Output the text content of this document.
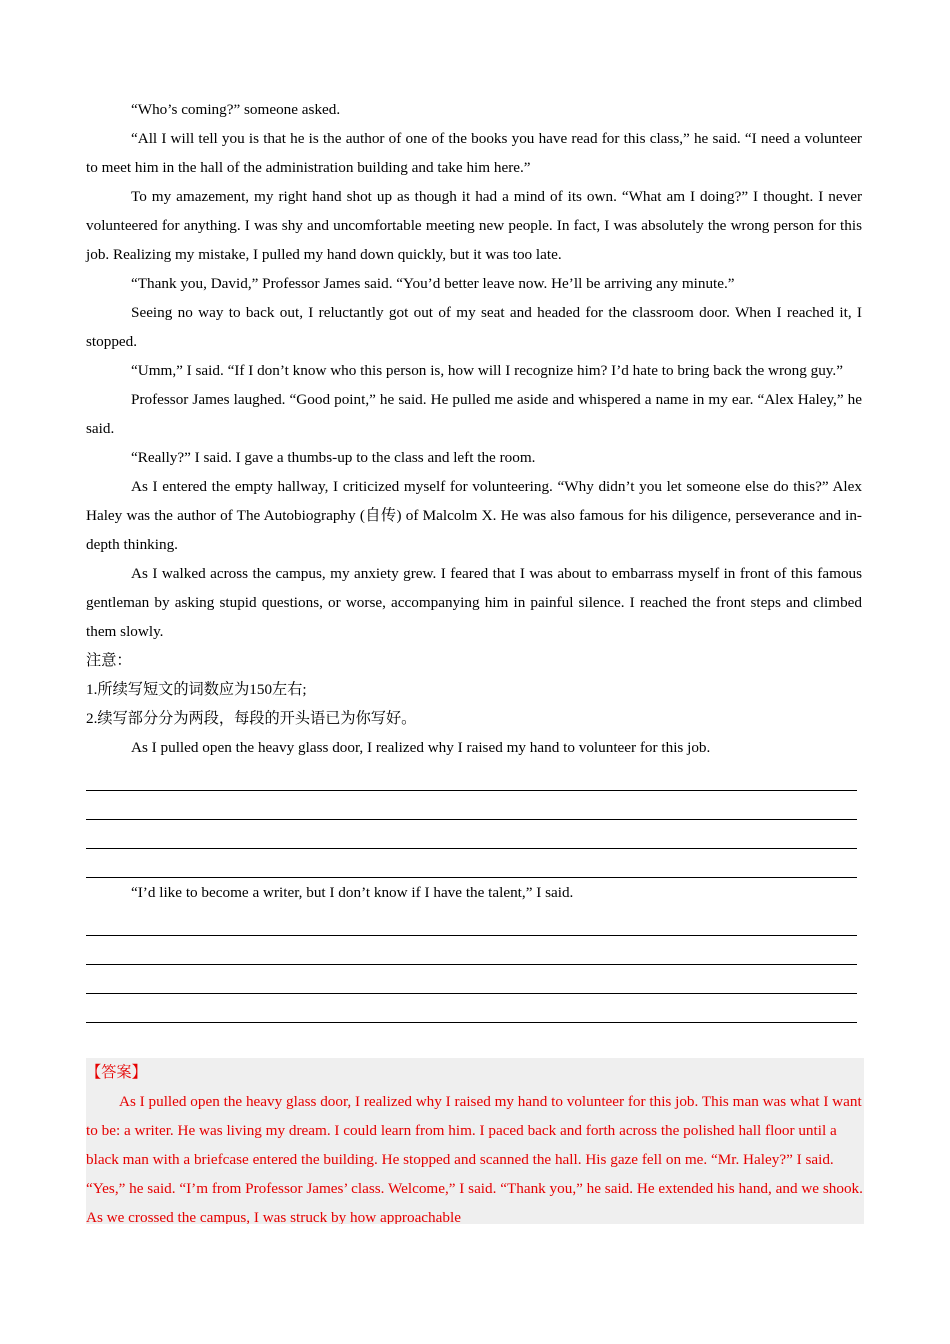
“Who’s coming?” someone asked.

“All I will tell you is that he is the author of one of the books you have read for this class,” he said. “I need a volunteer to meet him in the hall of the administration building and take him here.”

To my amazement, my right hand shot up as though it had a mind of its own. “What am I doing?” I thought. I never volunteered for anything. I was shy and uncomfortable meeting new people. In fact, I was absolutely the wrong person for this job. Realizing my mistake, I pulled my hand down quickly, but it was too late.

“Thank you, David,” Professor James said. “You’d better leave now. He’ll be arriving any minute.”

Seeing no way to back out, I reluctantly got out of my seat and headed for the classroom door. When I reached it, I stopped.

“Umm,” I said. “If I don’t know who this person is, how will I recognize him? I’d hate to bring back the wrong guy.”

Professor James laughed. “Good point,” he said. He pulled me aside and whispered a name in my ear. “Alex Haley,” he said.

“Really?” I said. I gave a thumbs-up to the class and left the room.

As I entered the empty hallway, I criticized myself for volunteering. “Why didn’t you let someone else do this?” Alex Haley was the author of The Autobiography (自传) of Malcolm X. He was also famous for his diligence, perseverance and in-depth thinking.

As I walked across the campus, my anxiety grew. I feared that I was about to embarrass myself in front of this famous gentleman by asking stupid questions, or worse, accompanying him in painful silence. I reached the front steps and climbed them slowly.

注意：

1.所续写短文的词数应为150左右;

2.续写部分分为两段，每段的开头语已为你写好。

As I pulled open the heavy glass door, I realized why I raised my hand to volunteer for this job.

“I’d like to become a writer, but I don’t know if I have the talent,” I said.

【答案】

As I pulled open the heavy glass door, I realized why I raised my hand to volunteer for this job. This man was what I want to be: a writer. He was living my dream. I could learn from him. I paced back and forth across the polished hall floor until a black man with a briefcase entered the building. He stopped and scanned the hall. His gaze fell on me. “Mr. Haley?” I said. “Yes,” he said. “I’m from Professor James’ class. Welcome,” I said. “Thank you,” he said. He extended his hand, and we shook. As we crossed the campus, I was struck by how approachable
